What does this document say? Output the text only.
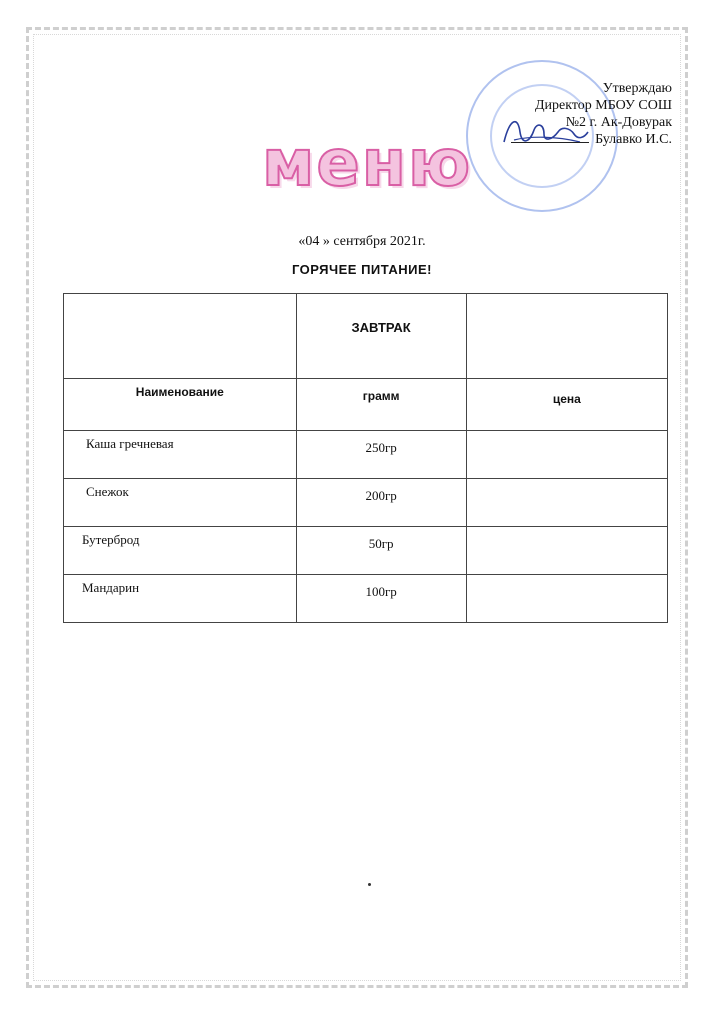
Утверждаю
Директор МБОУ СОШ
№2 г. Ак-Довурак
Булавко И.С.
меню
«04 » сентября 2021г.
ГОРЯЧЕЕ ПИТАНИЕ!
	ЗАВТРАК	
Наименование	грамм	цена
Каша гречневая	250гр	
Снежок	200гр	
Бутерброд	50гр	
Мандарин	100гр	
